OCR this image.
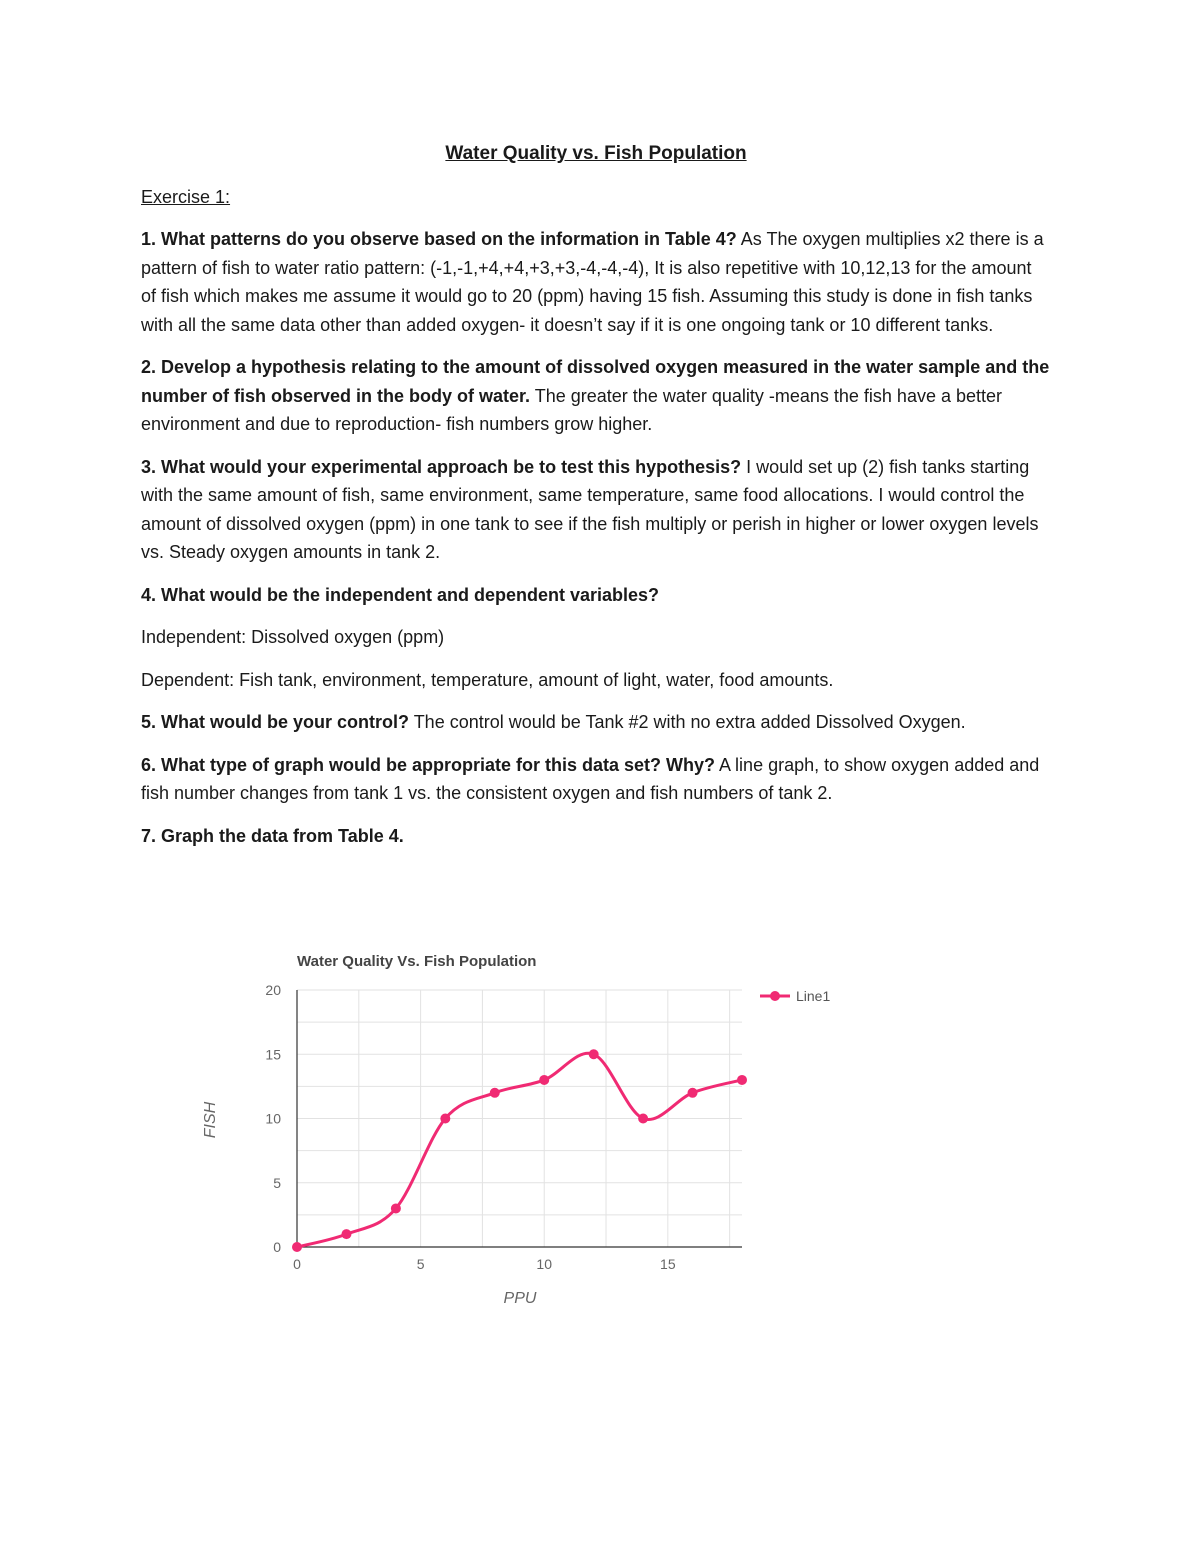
Water Quality vs. Fish Population
Exercise 1:
1. What patterns do you observe based on the information in Table 4? As The oxygen multiplies x2 there is a pattern of fish to water ratio pattern: (-1,-1,+4,+4,+3,+3,-4,-4,-4), It is also repetitive with 10,12,13 for the amount of fish which makes me assume it would go to 20 (ppm) having 15 fish. Assuming this study is done in fish tanks with all the same data other than added oxygen- it doesn’t say if it is one ongoing tank or 10 different tanks.
2. Develop a hypothesis relating to the amount of dissolved oxygen measured in the water sample and the number of fish observed in the body of water. The greater the water quality -means the fish have a better environment and due to reproduction- fish numbers grow higher.
3. What would your experimental approach be to test this hypothesis? I would set up (2) fish tanks starting with the same amount of fish, same environment, same temperature, same food allocations. I would control the amount of dissolved oxygen (ppm) in one tank to see if the fish multiply or perish in higher or lower oxygen levels vs. Steady oxygen amounts in tank 2.
4. What would be the independent and dependent variables?
Independent: Dissolved oxygen (ppm)
Dependent: Fish tank, environment, temperature, amount of light, water, food amounts.
5. What would be your control? The control would be Tank #2 with no extra added Dissolved Oxygen.
6. What type of graph would be appropriate for this data set? Why? A line graph, to show oxygen added and fish number changes from tank 1 vs. the consistent oxygen and fish numbers of tank 2.
7. Graph the data from Table 4.
Water Quality Vs. Fish Population
0
5
10
15
20
0	5	10	15
Line1
PPU
FISH
